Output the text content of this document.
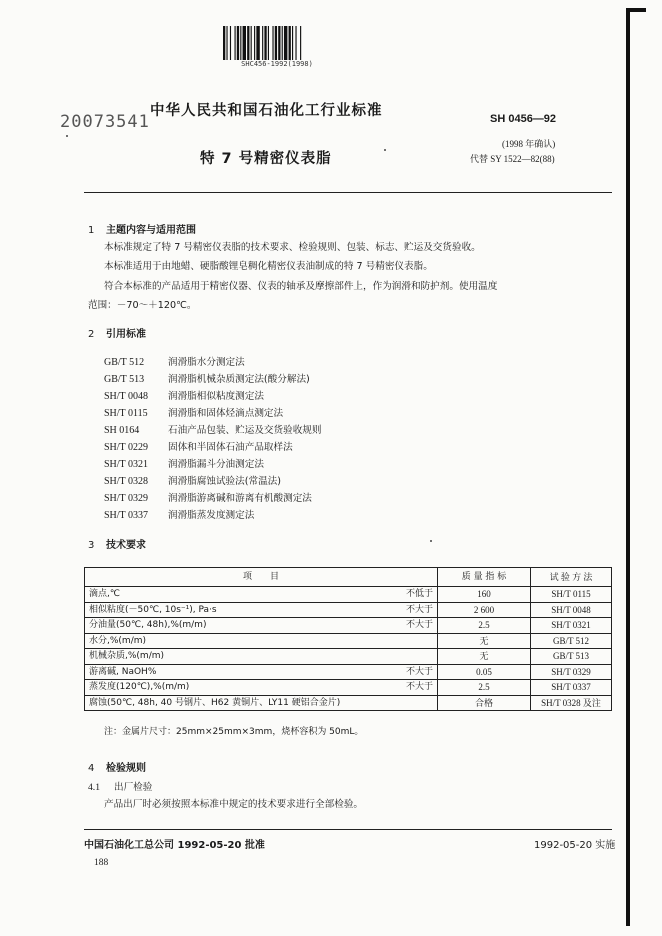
SHC456-1992(1998)
20073541
中华人民共和国石油化工行业标准
特 7 号精密仪表脂
SH 0456—92
(1998 年确认)
代替 SY 1522—82(88)
1 主题内容与适用范围
本标准规定了特 7 号精密仪表脂的技术要求、检验规则、包装、标志、贮运及交货验收。
本标准适用于由地蜡、硬脂酸锂皂稠化精密仪表油制成的特 7 号精密仪表脂。
符合本标准的产品适用于精密仪器、仪表的轴承及摩擦部件上，作为润滑和防护剂。使用温度
范围：－70～＋120℃。
2 引用标准
GB/T 512 润滑脂水分测定法
GB/T 513 润滑脂机械杂质测定法(酸分解法)
SH/T 0048 润滑脂相似粘度测定法
SH/T 0115 润滑脂和固体烃滴点测定法
SH 0164	石油产品包装、贮运及交货验收规则
SH/T 0229 固体和半固体石油产品取样法
SH/T 0321 润滑脂漏斗分油测定法
SH/T 0328 润滑脂腐蚀试验法(常温法)
SH/T 0329 润滑脂游离碱和游离有机酸测定法
SH/T 0337 润滑脂蒸发度测定法
3 技术要求
项　　目		质 量 指 标	试 验 方 法
滴点,℃	不低于	160	SH/T 0115
相似粘度(－50℃, 10s⁻¹), Pa·s	不大于	2 600	SH/T 0048
分油量(50℃, 48h),%(m/m)	不大于	2.5	SH/T 0321
水分,%(m/m)		无	GB/T 512
机械杂质,%(m/m)		无	GB/T 513
游离碱, NaOH%	不大于	0.05	SH/T 0329
蒸发度(120℃),%(m/m)	不大于	2.5	SH/T 0337
腐蚀(50℃, 48h, 40 号钢片、H62 黄铜片、LY11 硬铝合金片)		合格	SH/T 0328 及注
注：金属片尺寸：25mm×25mm×3mm，烧杯容积为 50mL。
4 检验规则
4.1 出厂检验
产品出厂时必须按照本标准中规定的技术要求进行全部检验。
中国石油化工总公司 1992-05-20 批准	1992-05-20 实施
188
